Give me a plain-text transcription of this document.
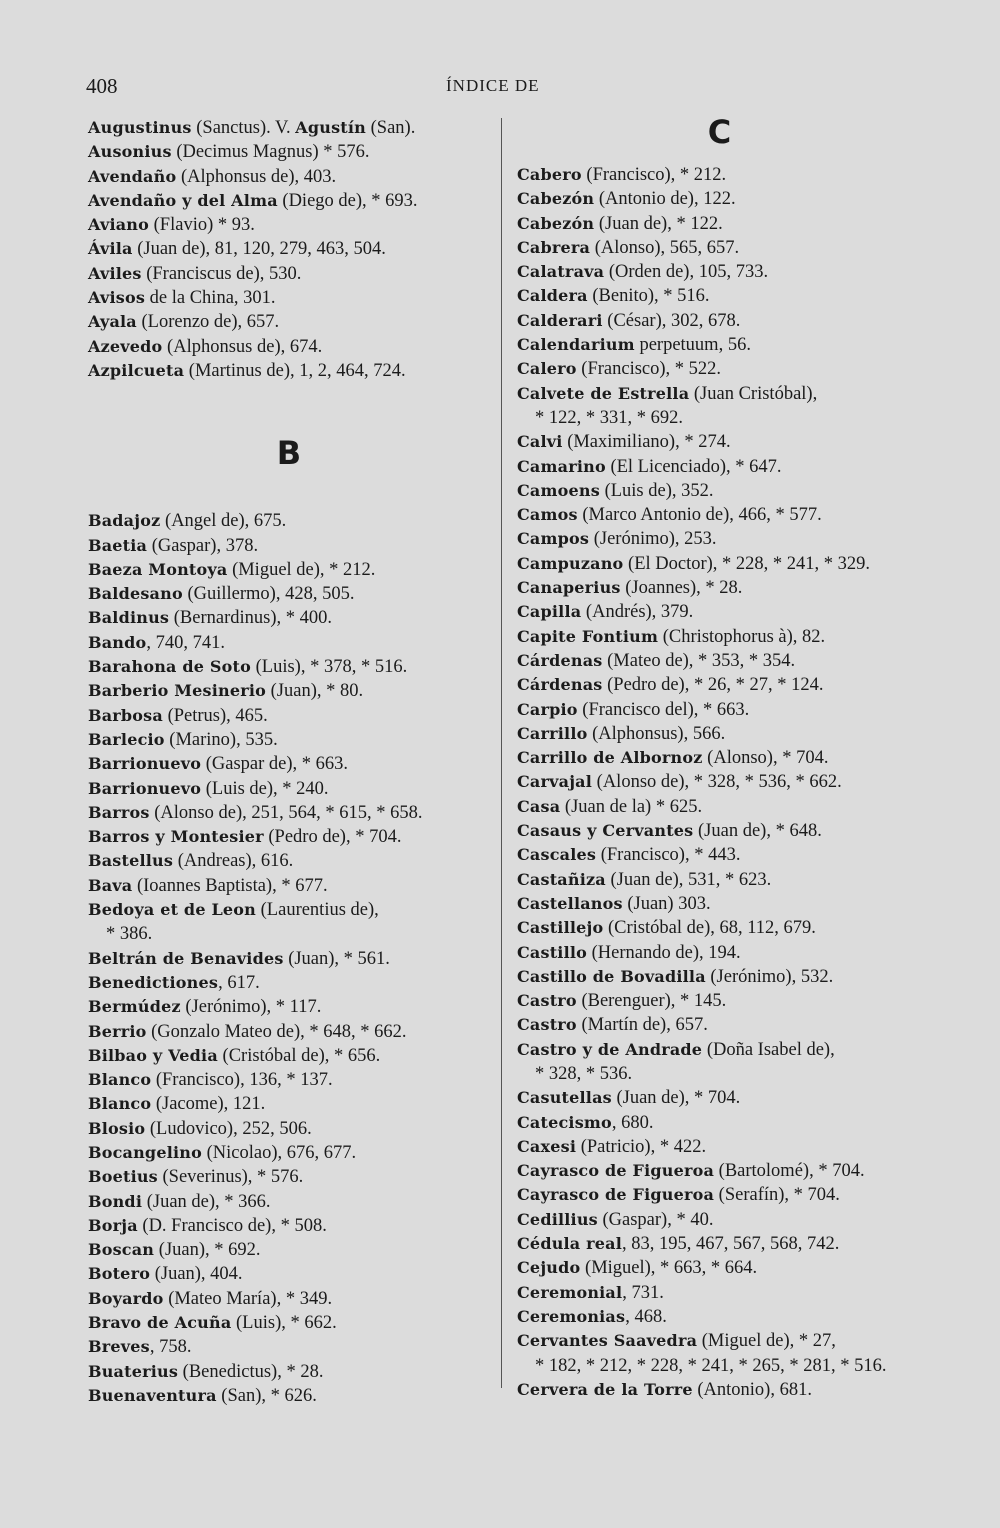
408	ÍNDICE DE

Augustinus (Sanctus). V. Agustín (San).

Ausonius (Decimus Magnus) * 576.

Avendaño (Alphonsus de), 403.

Avendaño y del Alma (Diego de), * 693.

Aviano (Flavio) * 93.

Ávila (Juan de), 81, 120, 279, 463, 504.

Aviles (Franciscus de), 530.

Avisos de la China, 301.

Ayala (Lorenzo de), 657.

Azevedo (Alphonsus de), 674.

Azpilcueta (Martinus de), 1, 2, 464, 724.

B

Badajoz (Angel de), 675.

Baetia (Gaspar), 378.

Baeza Montoya (Miguel de), * 212.

Baldesano (Guillermo), 428, 505.

Baldinus (Bernardinus), * 400.

Bando, 740, 741.

Barahona de Soto (Luis), * 378, * 516.

Barberio Mesinerio (Juan), * 80.

Barbosa (Petrus), 465.

Barlecio (Marino), 535.

Barrionuevo (Gaspar de), * 663.

Barrionuevo (Luis de), * 240.

Barros (Alonso de), 251, 564, * 615, * 658.

Barros y Montesier (Pedro de), * 704.

Bastellus (Andreas), 616.

Bava (Ioannes Baptista), * 677.

Bedoya et de Leon (Laurentius de),
* 386.

Beltrán de Benavides (Juan), * 561.

Benedictiones, 617.

Bermúdez (Jerónimo), * 117.

Berrio (Gonzalo Mateo de), * 648, * 662.

Bilbao y Vedia (Cristóbal de), * 656.

Blanco (Francisco), 136, * 137.

Blanco (Jacome), 121.

Blosio (Ludovico), 252, 506.

Bocangelino (Nicolao), 676, 677.

Boetius (Severinus), * 576.

Bondi (Juan de), * 366.

Borja (D. Francisco de), * 508.

Boscan (Juan), * 692.

Botero (Juan), 404.

Boyardo (Mateo María), * 349.

Bravo de Acuña (Luis), * 662.

Breves, 758.

Buaterius (Benedictus), * 28.

Buenaventura (San), * 626.

C

Cabero (Francisco), * 212.

Cabezón (Antonio de), 122.

Cabezón (Juan de), * 122.

Cabrera (Alonso), 565, 657.

Calatrava (Orden de), 105, 733.

Caldera (Benito), * 516.

Calderari (César), 302, 678.

Calendarium perpetuum, 56.

Calero (Francisco), * 522.

Calvete de Estrella (Juan Cristóbal),
* 122, * 331, * 692.

Calvi (Maximiliano), * 274.

Camarino (El Licenciado), * 647.

Camoens (Luis de), 352.

Camos (Marco Antonio de), 466, * 577.

Campos (Jerónimo), 253.

Campuzano (El Doctor), * 228, * 241, * 329.

Canaperius (Joannes), * 28.

Capilla (Andrés), 379.

Capite Fontium (Christophorus à), 82.

Cárdenas (Mateo de), * 353, * 354.

Cárdenas (Pedro de), * 26, * 27, * 124.

Carpio (Francisco del), * 663.

Carrillo (Alphonsus), 566.

Carrillo de Albornoz (Alonso), * 704.

Carvajal (Alonso de), * 328, * 536, * 662.

Casa (Juan de la) * 625.

Casaus y Cervantes (Juan de), * 648.

Cascales (Francisco), * 443.

Castañiza (Juan de), 531, * 623.

Castellanos (Juan) 303.

Castillejo (Cristóbal de), 68, 112, 679.

Castillo (Hernando de), 194.

Castillo de Bovadilla (Jerónimo), 532.

Castro (Berenguer), * 145.

Castro (Martín de), 657.

Castro y de Andrade (Doña Isabel de),
* 328, * 536.

Casutellas (Juan de), * 704.

Catecismo, 680.

Caxesi (Patricio), * 422.

Cayrasco de Figueroa (Bartolomé), * 704.

Cayrasco de Figueroa (Serafín), * 704.

Cedillius (Gaspar), * 40.

Cédula real, 83, 195, 467, 567, 568, 742.

Cejudo (Miguel), * 663, * 664.

Ceremonial, 731.

Ceremonias, 468.

Cervantes Saavedra (Miguel de), * 27,
* 182, * 212, * 228, * 241, * 265, * 281, * 516.

Cervera de la Torre (Antonio), 681.
